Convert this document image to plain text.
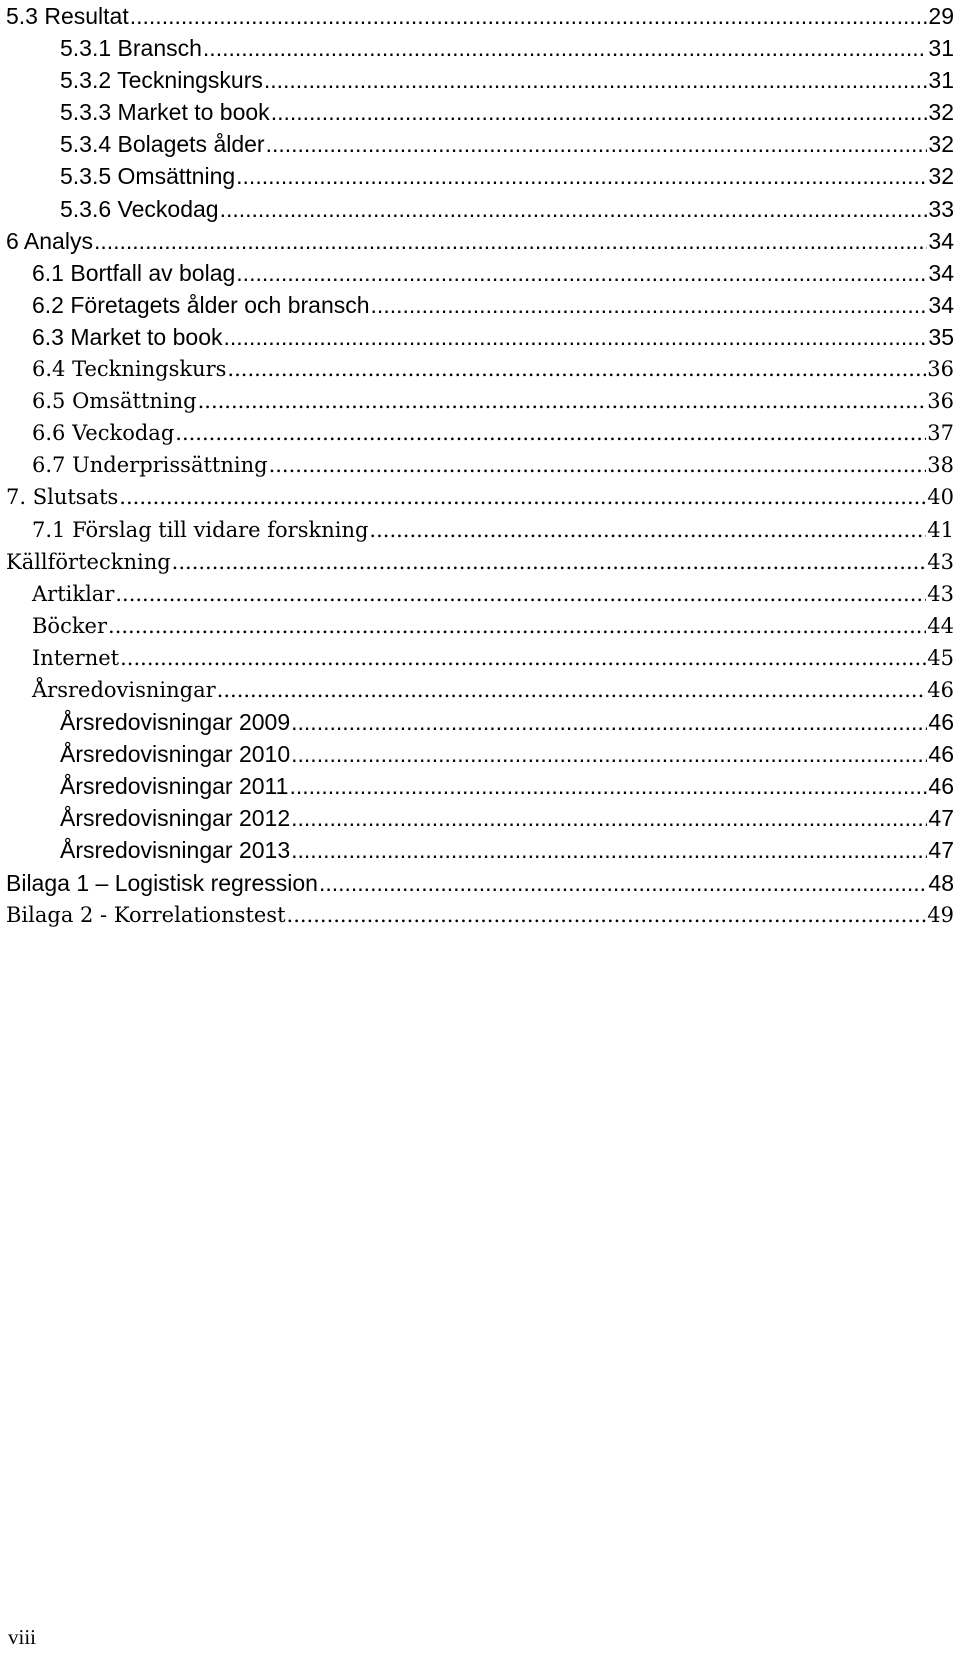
5.3 Resultat .....	29
5.3.1 Bransch .....	31
5.3.2 Teckningskurs .....	31
5.3.3 Market to book .....	32
5.3.4 Bolagets ålder .....	32
5.3.5 Omsättning .....	32
5.3.6 Veckodag .....	33
6 Analys .....	34
6.1 Bortfall av bolag .....	34
6.2 Företagets ålder och bransch .....	34
6.3 Market to book .....	35
6.4 Teckningskurs .....	36
6.5 Omsättning .....	36
6.6 Veckodag .....	37
6.7 Underprissättning .....	38
7. Slutsats .....	40
7.1 Förslag till vidare forskning .....	41
Källförteckning .....	43
Artiklar .....	43
Böcker .....	44
Internet .....	45
Årsredovisningar .....	46
Årsredovisningar 2009 .....	46
Årsredovisningar 2010 .....	46
Årsredovisningar 2011 .....	46
Årsredovisningar 2012 .....	47
Årsredovisningar 2013 .....	47
Bilaga 1 – Logistisk regression .....	48
Bilaga 2 - Korrelationstest .....	49
viii
